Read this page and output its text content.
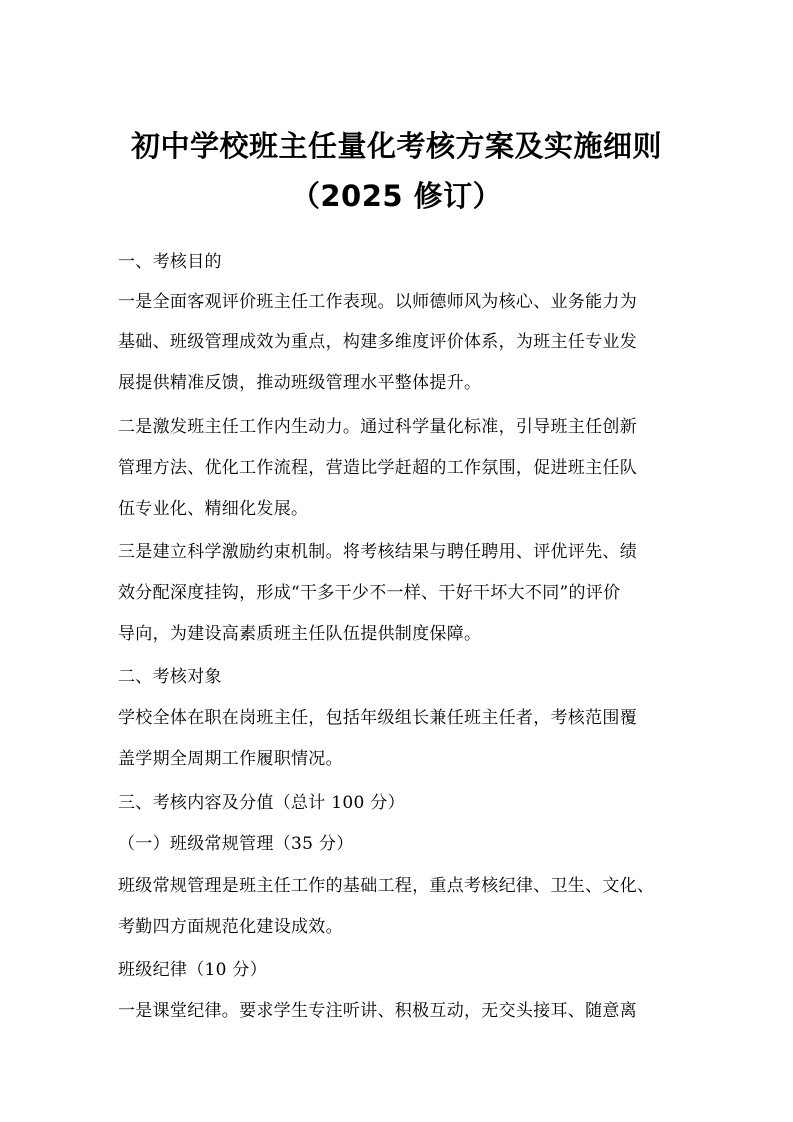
初中学校班主任量化考核方案及实施细则
（2025 修订）
一、考核目的
一是全面客观评价班主任工作表现。以师德师风为核心、业务能力为
基础、班级管理成效为重点，构建多维度评价体系，为班主任专业发
展提供精准反馈，推动班级管理水平整体提升。
二是激发班主任工作内生动力。通过科学量化标准，引导班主任创新
管理方法、优化工作流程，营造比学赶超的工作氛围，促进班主任队
伍专业化、精细化发展。
三是建立科学激励约束机制。将考核结果与聘任聘用、评优评先、绩
效分配深度挂钩，形成“干多干少不一样、干好干坏大不同”的评价
导向，为建设高素质班主任队伍提供制度保障。
二、考核对象
学校全体在职在岗班主任，包括年级组长兼任班主任者，考核范围覆
盖学期全周期工作履职情况。
三、考核内容及分值（总计 100 分）
（一）班级常规管理（35 分）
班级常规管理是班主任工作的基础工程，重点考核纪律、卫生、文化、
考勤四方面规范化建设成效。
班级纪律（10 分）
一是课堂纪律。要求学生专注听讲、积极互动，无交头接耳、随意离
